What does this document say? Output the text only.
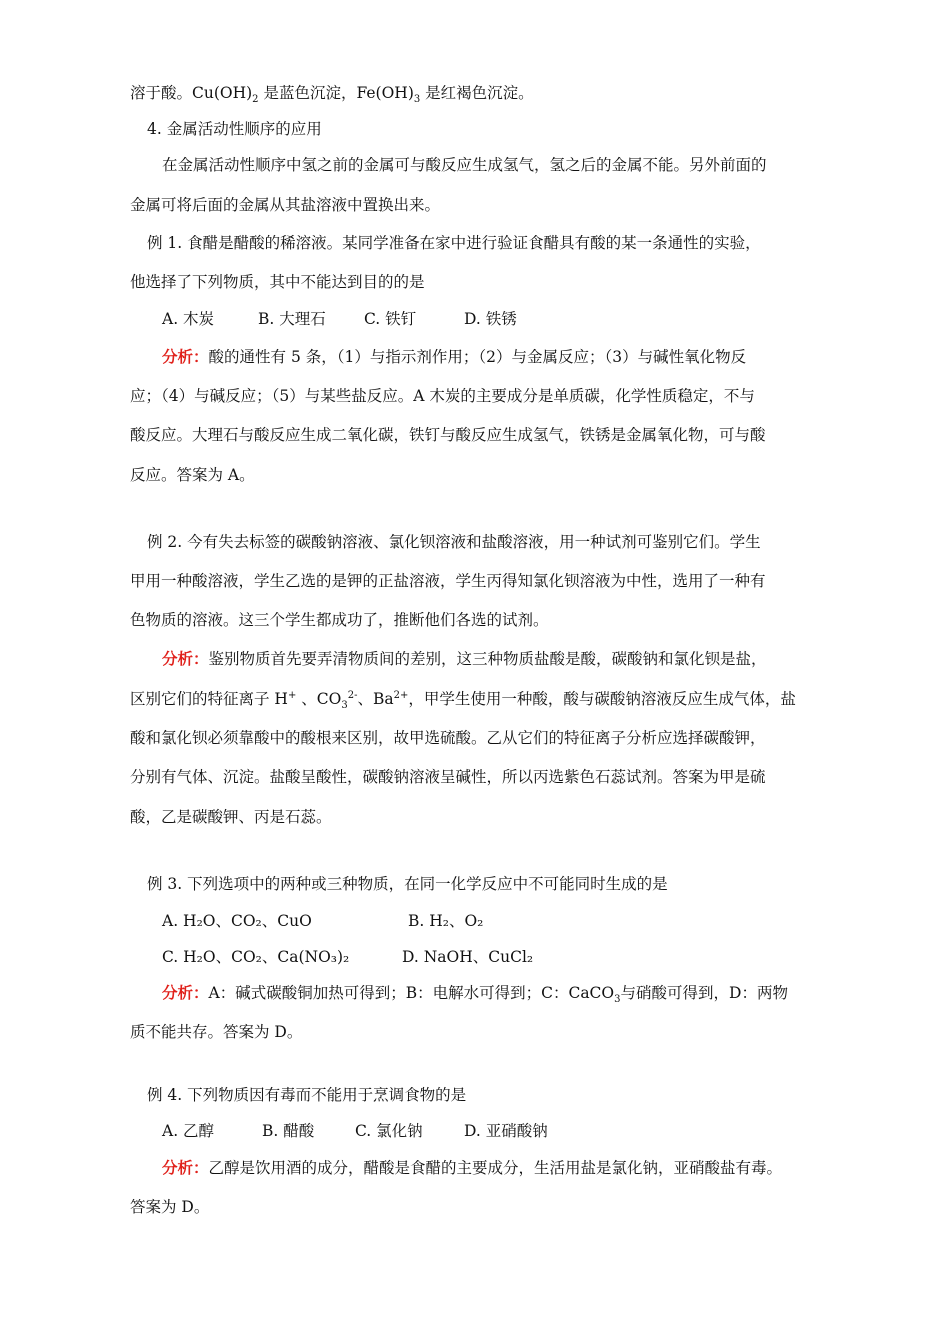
溶于酸。$Cu(OH)_2$ 是蓝色沉淀，$Fe(OH)_3$ 是红褐色沉淀。
4. 金属活动性顺序的应用
在金属活动性顺序中氢之前的金属可与酸反应生成氢气，氢之后的金属不能。另外前面的
金属可将后面的金属从其盐溶液中置换出来。
例 1. 食醋是醋酸的稀溶液。某同学准备在家中进行验证食醋具有酸的某一条通性的实验，
他选择了下列物质，其中不能达到目的的是
A. 木炭	B. 大理石 C. 铁钉	D. 铁锈
分析：酸的通性有 5 条，（1）与指示剂作用；（2）与金属反应；（3）与碱性氧化物反
应；（4）与碱反应；（5）与某些盐反应。A 木炭的主要成分是单质碳，化学性质稳定，不与
酸反应。大理石与酸反应生成二氧化碳，铁钉与酸反应生成氢气，铁锈是金属氧化物，可与酸
反应。答案为 A。
例 2. 今有失去标签的碳酸钠溶液、氯化钡溶液和盐酸溶液，用一种试剂可鉴别它们。学生
甲用一种酸溶液，学生乙选的是钾的正盐溶液，学生丙得知氯化钡溶液为中性，选用了一种有
色物质的溶液。这三个学生都成功了，推断他们各选的试剂。
分析：鉴别物质首先要弄清物质间的差别，这三种物质盐酸是酸，碳酸钠和氯化钡是盐，
区别它们的特征离子 H+ 、$CO_3^{2-}$、$Ba^{2+}$，甲学生使用一种酸，酸与碳酸钠溶液反应生成气体，盐
酸和氯化钡必须靠酸中的酸根来区别，故甲选硫酸。乙从它们的特征离子分析应选择碳酸钾，
分别有气体、沉淀。盐酸呈酸性，碳酸钠溶液呈碱性，所以丙选紫色石蕊试剂。答案为甲是硫
酸，乙是碳酸钾、丙是石蕊。
例 3. 下列选项中的两种或三种物质，在同一化学反应中不可能同时生成的是
A. H₂O、CO₂、CuO	B. H₂、O₂
C. H₂O、CO₂、Ca(NO₃)₂	D. NaOH、CuCl₂
分析：A：碱式碳酸铜加热可得到；B：电解水可得到；C：CaCO$_3$与硝酸可得到，D：两物
质不能共存。答案为 D。
例 4. 下列物质因有毒而不能用于烹调食物的是
A. 乙醇	B. 醋酸	C. 氯化钠	D. 亚硝酸钠
分析：乙醇是饮用酒的成分，醋酸是食醋的主要成分，生活用盐是氯化钠，亚硝酸盐有毒。
答案为 D。
